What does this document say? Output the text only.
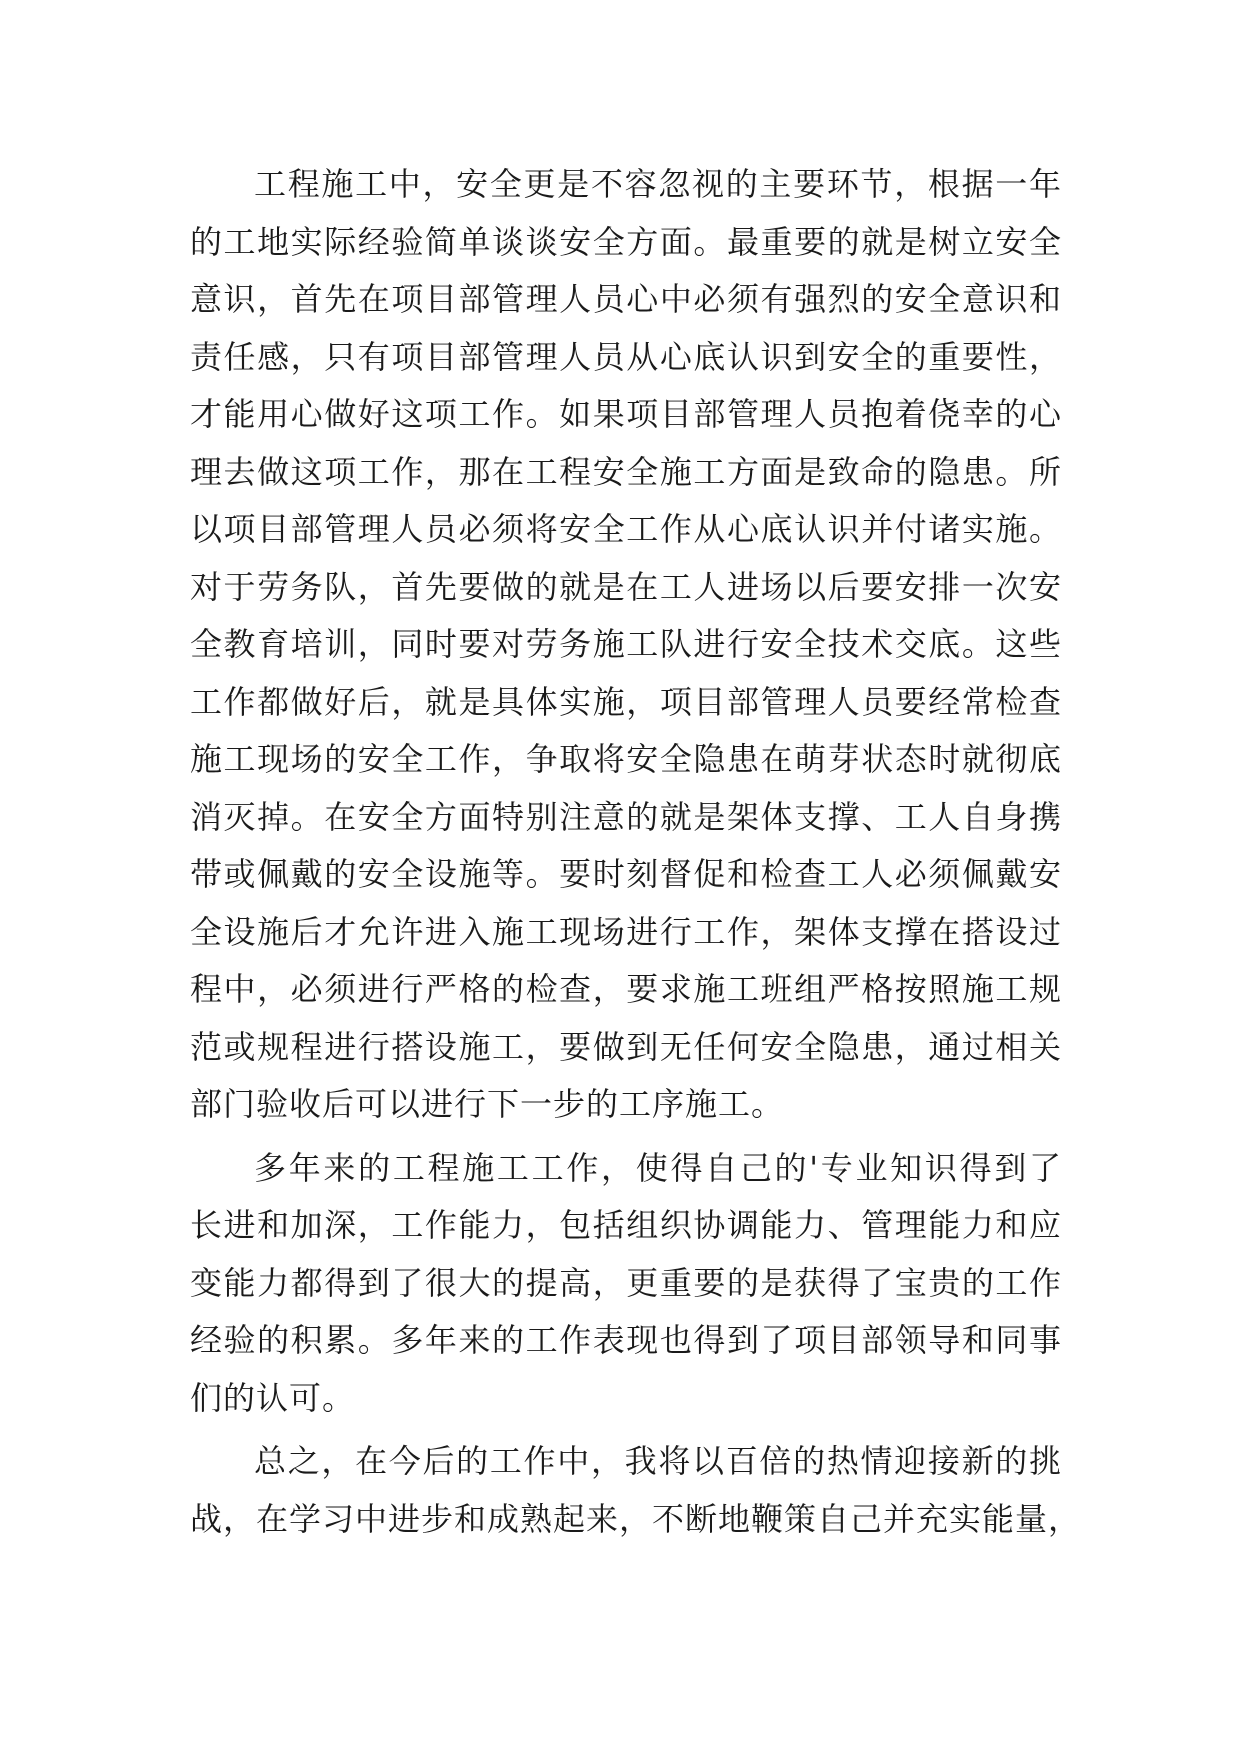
工程施工中，安全更是不容忽视的主要环节，根据一年
的工地实际经验简单谈谈安全方面。最重要的就是树立安全
意识，首先在项目部管理人员心中必须有强烈的安全意识和
责任感，只有项目部管理人员从心底认识到安全的重要性，
才能用心做好这项工作。如果项目部管理人员抱着侥幸的心
理去做这项工作，那在工程安全施工方面是致命的隐患。所
以项目部管理人员必须将安全工作从心底认识并付诸实施。
对于劳务队，首先要做的就是在工人进场以后要安排一次安
全教育培训，同时要对劳务施工队进行安全技术交底。这些
工作都做好后，就是具体实施，项目部管理人员要经常检查
施工现场的安全工作，争取将安全隐患在萌芽状态时就彻底
消灭掉。在安全方面特别注意的就是架体支撑、工人自身携
带或佩戴的安全设施等。要时刻督促和检查工人必须佩戴安
全设施后才允许进入施工现场进行工作，架体支撑在搭设过
程中，必须进行严格的检查，要求施工班组严格按照施工规
范或规程进行搭设施工，要做到无任何安全隐患，通过相关
部门验收后可以进行下一步的工序施工。
多年来的工程施工工作，使得自己的'专业知识得到了
长进和加深，工作能力，包括组织协调能力、管理能力和应
变能力都得到了很大的提高，更重要的是获得了宝贵的工作
经验的积累。多年来的工作表现也得到了项目部领导和同事
们的认可。
总之，在今后的工作中，我将以百倍的热情迎接新的挑
战，在学习中进步和成熟起来，不断地鞭策自己并充实能量，
